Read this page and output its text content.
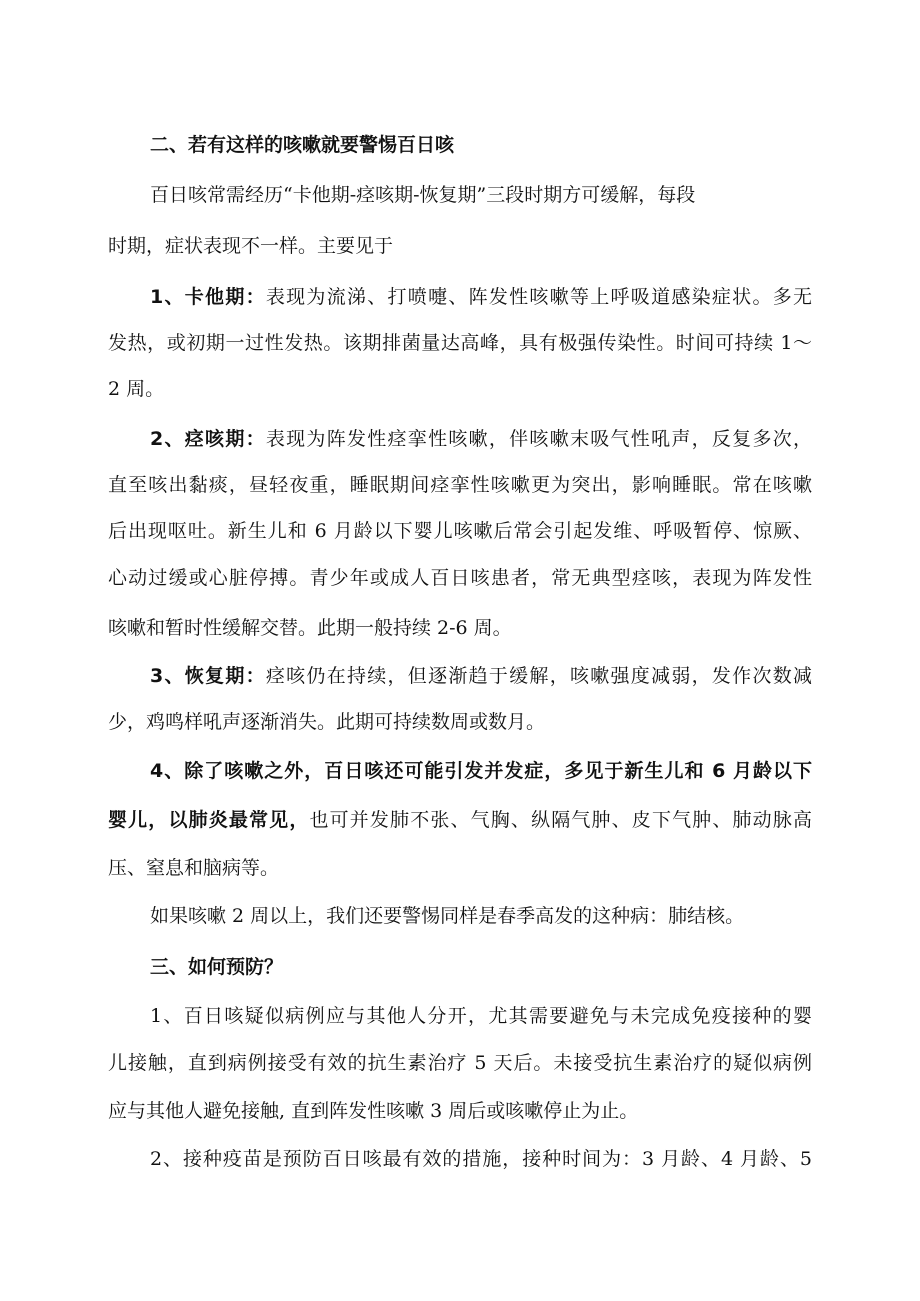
二、若有这样的咳嗽就要警惕百日咳
百日咳常需经历“卡他期-痉咳期-恢复期”三段时期方可缓解，每段
时期，症状表现不一样。主要见于
1、卡他期：表现为流涕、打喷嚏、阵发性咳嗽等上呼吸道感染症状。多无
发热，或初期一过性发热。该期排菌量达高峰，具有极强传染性。时间可持续 1～
2 周。
2、痉咳期：表现为阵发性痉挛性咳嗽，伴咳嗽末吸气性吼声，反复多次，
直至咳出黏痰，昼轻夜重，睡眠期间痉挛性咳嗽更为突出，影响睡眠。常在咳嗽
后出现呕吐。新生儿和 6 月龄以下婴儿咳嗽后常会引起发维、呼吸暂停、惊厥、
心动过缓或心脏停搏。青少年或成人百日咳患者，常无典型痉咳，表现为阵发性
咳嗽和暂时性缓解交替。此期一般持续 2-6 周。
3、恢复期：痉咳仍在持续，但逐渐趋于缓解，咳嗽强度减弱，发作次数减
少，鸡鸣样吼声逐渐消失。此期可持续数周或数月。
4、除了咳嗽之外，百日咳还可能引发并发症，多见于新生儿和 6 月龄以下
婴儿，以肺炎最常见，也可并发肺不张、气胸、纵隔气肿、皮下气肿、肺动脉高
压、窒息和脑病等。
如果咳嗽 2 周以上，我们还要警惕同样是春季高发的这种病：肺结核。
三、如何预防？
1、百日咳疑似病例应与其他人分开，尤其需要避免与未完成免疫接种的婴
儿接触，直到病例接受有效的抗生素治疗 5 天后。未接受抗生素治疗的疑似病例
应与其他人避免接触, 直到阵发性咳嗽 3 周后或咳嗽停止为止。
2、接种疫苗是预防百日咳最有效的措施，接种时间为：3 月龄、4 月龄、5
